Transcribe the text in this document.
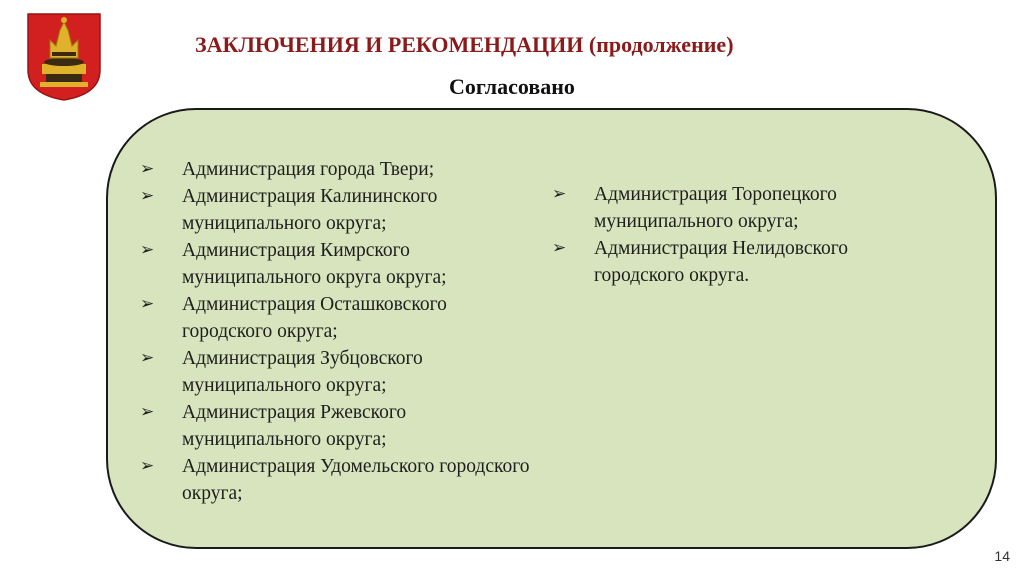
ЗАКЛЮЧЕНИЯ И РЕКОМЕНДАЦИИ (продолжение)
Согласовано
➢	Администрация города Твери;
➢	Администрация Калининского муниципального округа;
➢	Администрация Кимрского муниципального округа округа;
➢	Администрация Осташковского городского округа;
➢	Администрация Зубцовского муниципального округа;
➢	Администрация Ржевского муниципального округа;
➢	Администрация Удомельского городского округа;
➢	Администрация Торопецкого муниципального округа;
➢	Администрация Нелидовского городского округа.
14
